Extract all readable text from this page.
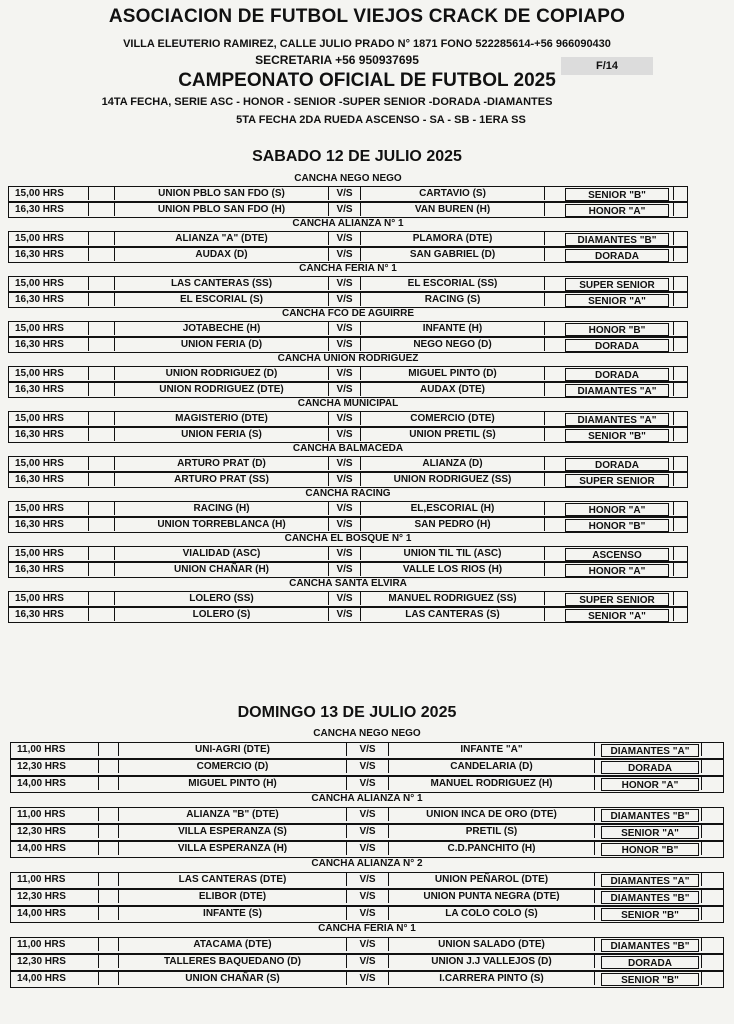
ASOCIACION DE FUTBOL VIEJOS CRACK DE COPIAPO
VILLA ELEUTERIO RAMIREZ, CALLE JULIO PRADO N° 1871 FONO 522285614-+56 966090430
SECRETARIA +56 950937695	F/14
CAMPEONATO OFICIAL DE FUTBOL 2025
14TA FECHA, SERIE ASC - HONOR - SENIOR -SUPER SENIOR -DORADA -DIAMANTES
5TA FECHA 2DA RUEDA ASCENSO - SA - SB - 1ERA SS
SABADO 12 DE JULIO 2025
DOMINGO 13 DE JULIO 2025
CANCHA NEGO NEGO
15,00 HRS	UNION PBLO SAN FDO (S)	V/S	CARTAVIO (S)	SENIOR "B"
16,30 HRS	UNION PBLO SAN FDO (H)	V/S	VAN BUREN (H)	HONOR "A"
CANCHA ALIANZA N° 1
15,00 HRS	ALIANZA "A" (DTE)	V/S	PLAMORA (DTE)	DIAMANTES "B"
16,30 HRS	AUDAX (D)	V/S	SAN GABRIEL (D)	DORADA
CANCHA FERIA N° 1
15,00 HRS	LAS CANTERAS (SS)	V/S	EL ESCORIAL (SS)	SUPER SENIOR
16,30 HRS	EL ESCORIAL (S)	V/S	RACING (S)	SENIOR "A"
CANCHA FCO DE AGUIRRE
15,00 HRS	JOTABECHE (H)	V/S	INFANTE (H)	HONOR "B"
16,30 HRS	UNION FERIA (D)	V/S	NEGO NEGO (D)	DORADA
CANCHA UNION RODRIGUEZ
15,00 HRS	UNION RODRIGUEZ (D)	V/S	MIGUEL PINTO (D)	DORADA
16,30 HRS	UNION RODRIGUEZ (DTE)	V/S	AUDAX (DTE)	DIAMANTES "A"
CANCHA MUNICIPAL
15,00 HRS	MAGISTERIO (DTE)	V/S	COMERCIO (DTE)	DIAMANTES "A"
16,30 HRS	UNION FERIA (S)	V/S	UNION PRETIL (S)	SENIOR "B"
CANCHA BALMACEDA
15,00 HRS	ARTURO PRAT (D)	V/S	ALIANZA (D)	DORADA
16,30 HRS	ARTURO PRAT (SS)	V/S	UNION RODRIGUEZ (SS)	SUPER SENIOR
CANCHA RACING
15,00 HRS	RACING (H)	V/S	EL,ESCORIAL (H)	HONOR "A"
16,30 HRS	UNION TORREBLANCA (H)	V/S	SAN PEDRO (H)	HONOR "B"
CANCHA EL BOSQUE N° 1
15,00 HRS	VIALIDAD (ASC)	V/S	UNION TIL TIL (ASC)	ASCENSO
16,30 HRS	UNION CHAÑAR (H)	V/S	VALLE LOS RIOS (H)	HONOR "A"
CANCHA SANTA ELVIRA
15,00 HRS	LOLERO (SS)	V/S	MANUEL RODRIGUEZ (SS)	SUPER SENIOR
16,30 HRS	LOLERO (S)	V/S	LAS CANTERAS (S)	SENIOR "A"
CANCHA NEGO NEGO
11,00 HRS	UNI-AGRI (DTE)	V/S	INFANTE "A"	DIAMANTES "A"
12,30 HRS	COMERCIO (D)	V/S	CANDELARIA (D)	DORADA
14,00 HRS	MIGUEL PINTO (H)	V/S	MANUEL RODRIGUEZ (H)	HONOR "A"
CANCHA ALIANZA N° 1
11,00 HRS	ALIANZA "B" (DTE)	V/S	UNION INCA DE ORO (DTE)	DIAMANTES "B"
12,30 HRS	VILLA ESPERANZA (S)	V/S	PRETIL (S)	SENIOR "A"
14,00 HRS	VILLA ESPERANZA (H)	V/S	C.D.PANCHITO (H)	HONOR "B"
CANCHA ALIANZA N° 2
11,00 HRS	LAS CANTERAS (DTE)	V/S	UNION PEÑAROL (DTE)	DIAMANTES "A"
12,30 HRS	ELIBOR (DTE)	V/S	UNION PUNTA NEGRA (DTE)	DIAMANTES "B"
14,00 HRS	INFANTE (S)	V/S	LA COLO COLO (S)	SENIOR "B"
CANCHA FERIA N° 1
11,00 HRS	ATACAMA (DTE)	V/S	UNION SALADO (DTE)	DIAMANTES "B"
12,30 HRS	TALLERES BAQUEDANO (D)	V/S	UNION J.J VALLEJOS (D)	DORADA
14,00 HRS	UNION CHAÑAR (S)	V/S	I.CARRERA PINTO (S)	SENIOR "B"
